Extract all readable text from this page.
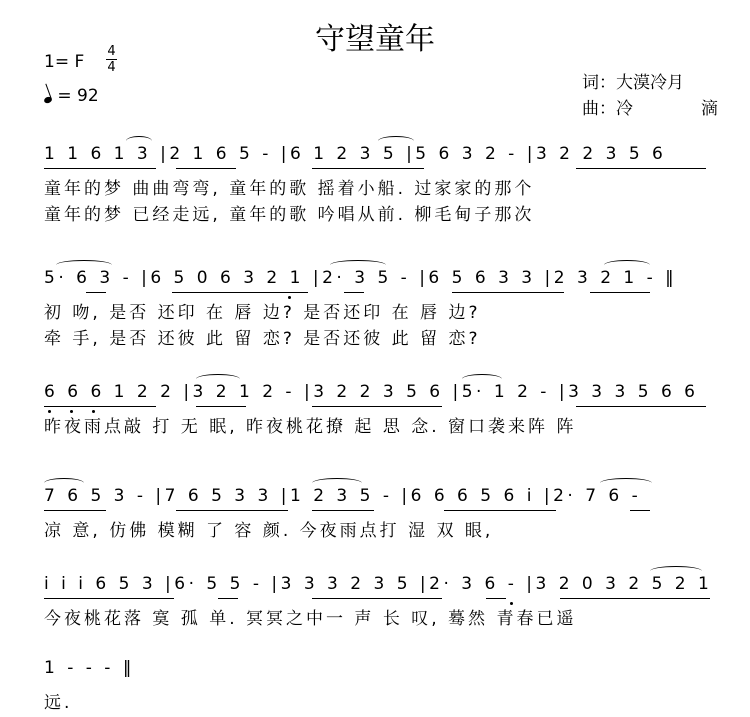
守望童年
1= F
4
4
= 92
词：大漠冷月
曲：冷	滴
1 1 6 1 3 |2 1 6 5 - |6 1 2 3 5 |5 6 3 2 - |3 2 2 3 5 6
童年的梦 曲曲弯弯, 童年的歌 摇着小船. 过家家的那个
童年的梦 已经走远, 童年的歌 吟唱从前. 柳毛甸子那次
5· 6 3 - |6 5 0 6 3 2 1 |2· 3 5 - |6 5 6 3 3 |2 3 2 1 - ‖
初 吻, 是否 还印 在 唇 边? 是否还印 在 唇 边?
牵 手, 是否 还彼 此 留 恋? 是否还彼 此 留 恋?
6 6 6 1 2 2 |3 2 1 2 - |3 2 2 3 5 6 |5· 1 2 - |3 3 3 5 6 6
昨夜雨点敲 打 无 眠, 昨夜桃花撩 起 思 念. 窗口袭来阵 阵
7 6 5 3 - |7 6 5 3 3 |1 2 3 5 - |6 6 6 5 6 i |2· 7 6 -
凉 意, 仿佛 模糊 了 容 颜. 今夜雨点打 湿 双 眼,
i i i 6 5 3 |6· 5 5 - |3 3 3 2 3 5 |2· 3 6 - |3 2 0 3 2 5 2 1
今夜桃花落 寞 孤 单. 冥冥之中一 声 长 叹, 蓦然 青春已遥
1 - - - ‖
远.
